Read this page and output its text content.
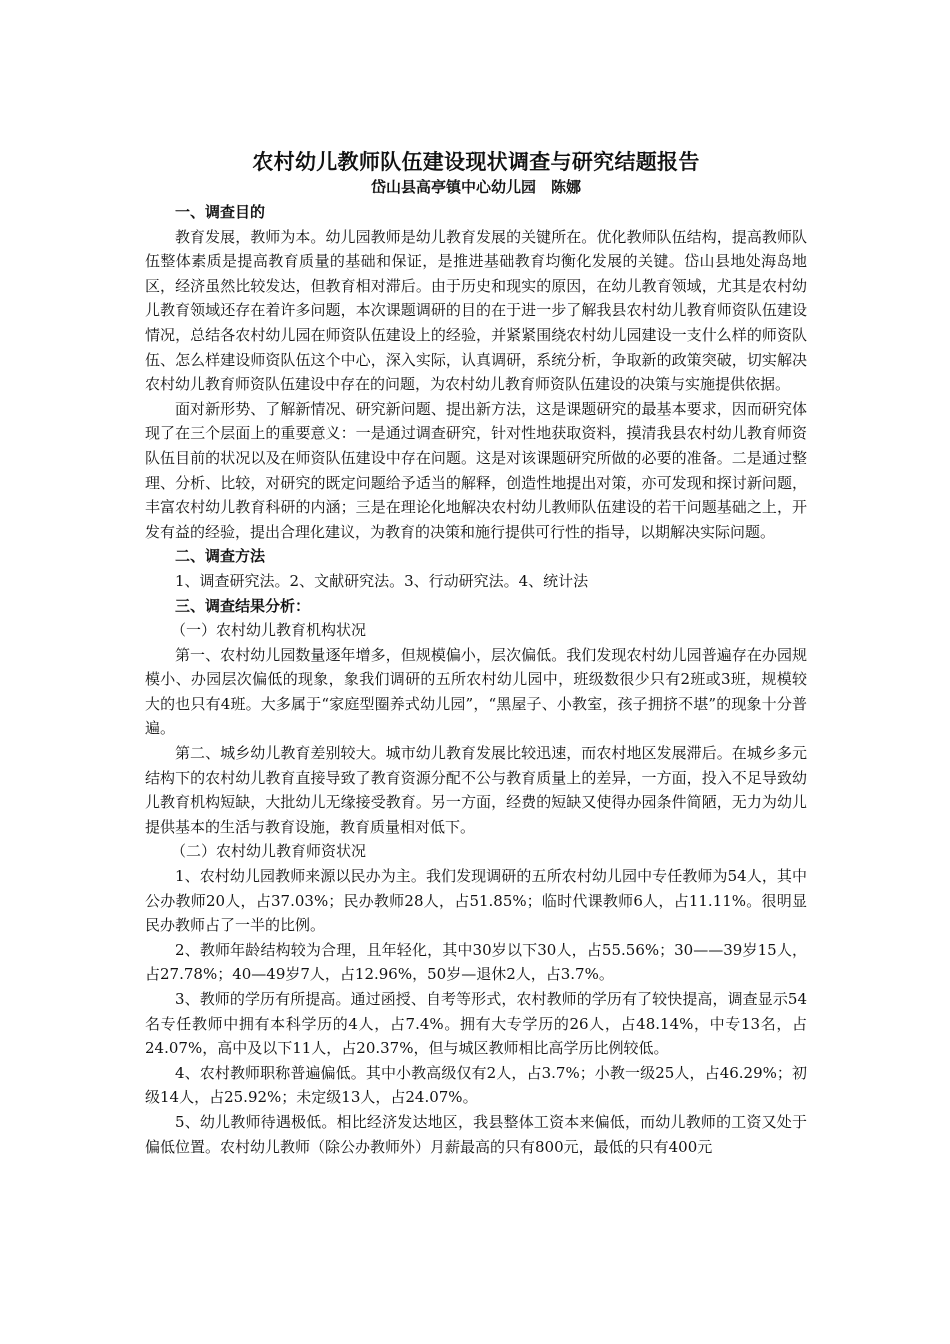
农村幼儿教师队伍建设现状调查与研究结题报告

岱山县高亭镇中心幼儿园　陈娜

一、调查目的

教育发展，教师为本。幼儿园教师是幼儿教育发展的关键所在。优化教师队伍结构，提高教师队伍整体素质是提高教育质量的基础和保证，是推进基础教育均衡化发展的关键。岱山县地处海岛地区，经济虽然比较发达，但教育相对滞后。由于历史和现实的原因，在幼儿教育领域，尤其是农村幼儿教育领域还存在着许多问题，本次课题调研的目的在于进一步了解我县农村幼儿教育师资队伍建设情况，总结各农村幼儿园在师资队伍建设上的经验，并紧紧围绕农村幼儿园建设一支什么样的师资队伍、怎么样建设师资队伍这个中心，深入实际，认真调研，系统分析，争取新的政策突破，切实解决农村幼儿教育师资队伍建设中存在的问题，为农村幼儿教育师资队伍建设的决策与实施提供依据。

面对新形势、了解新情况、研究新问题、提出新方法，这是课题研究的最基本要求，因而研究体现了在三个层面上的重要意义：一是通过调查研究，针对性地获取资料，摸清我县农村幼儿教育师资队伍目前的状况以及在师资队伍建设中存在问题。这是对该课题研究所做的必要的准备。二是通过整理、分析、比较，对研究的既定问题给予适当的解释，创造性地提出对策，亦可发现和探讨新问题，丰富农村幼儿教育科研的内涵；三是在理论化地解决农村幼儿教师队伍建设的若干问题基础之上，开发有益的经验，提出合理化建议，为教育的决策和施行提供可行性的指导，以期解决实际问题。

二、调查方法

1、调查研究法。2、文献研究法。3、行动研究法。4、统计法

三、调查结果分析：

（一）农村幼儿教育机构状况

第一、农村幼儿园数量逐年增多，但规模偏小，层次偏低。我们发现农村幼儿园普遍存在办园规模小、办园层次偏低的现象，象我们调研的五所农村幼儿园中，班级数很少只有2班或3班，规模较大的也只有4班。大多属于“家庭型圈养式幼儿园”，“黑屋子、小教室，孩子拥挤不堪”的现象十分普遍。

第二、城乡幼儿教育差别较大。城市幼儿教育发展比较迅速，而农村地区发展滞后。在城乡多元结构下的农村幼儿教育直接导致了教育资源分配不公与教育质量上的差异，一方面，投入不足导致幼儿教育机构短缺，大批幼儿无缘接受教育。另一方面，经费的短缺又使得办园条件简陋，无力为幼儿提供基本的生活与教育设施，教育质量相对低下。

（二）农村幼儿教育师资状况

1、农村幼儿园教师来源以民办为主。我们发现调研的五所农村幼儿园中专任教师为54人，其中公办教师20人，占37.03%；民办教师28人，占51.85%；临时代课教师6人，占11.11%。很明显民办教师占了一半的比例。

2、教师年龄结构较为合理，且年轻化，其中30岁以下30人，占55.56%；30——39岁15人，占27.78%；40—49岁7人，占12.96%，50岁—退休2人，占3.7%。

3、教师的学历有所提高。通过函授、自考等形式，农村教师的学历有了较快提高，调查显示54名专任教师中拥有本科学历的4人，占7.4%。拥有大专学历的26人，占48.14%，中专13名，占24.07%，高中及以下11人，占20.37%，但与城区教师相比高学历比例较低。

4、农村教师职称普遍偏低。其中小教高级仅有2人，占3.7%；小教一级25人，占46.29%；初级14人，占25.92%；未定级13人，占24.07%。

5、幼儿教师待遇极低。相比经济发达地区，我县整体工资本来偏低，而幼儿教师的工资又处于偏低位置。农村幼儿教师（除公办教师外）月薪最高的只有800元，最低的只有400元
